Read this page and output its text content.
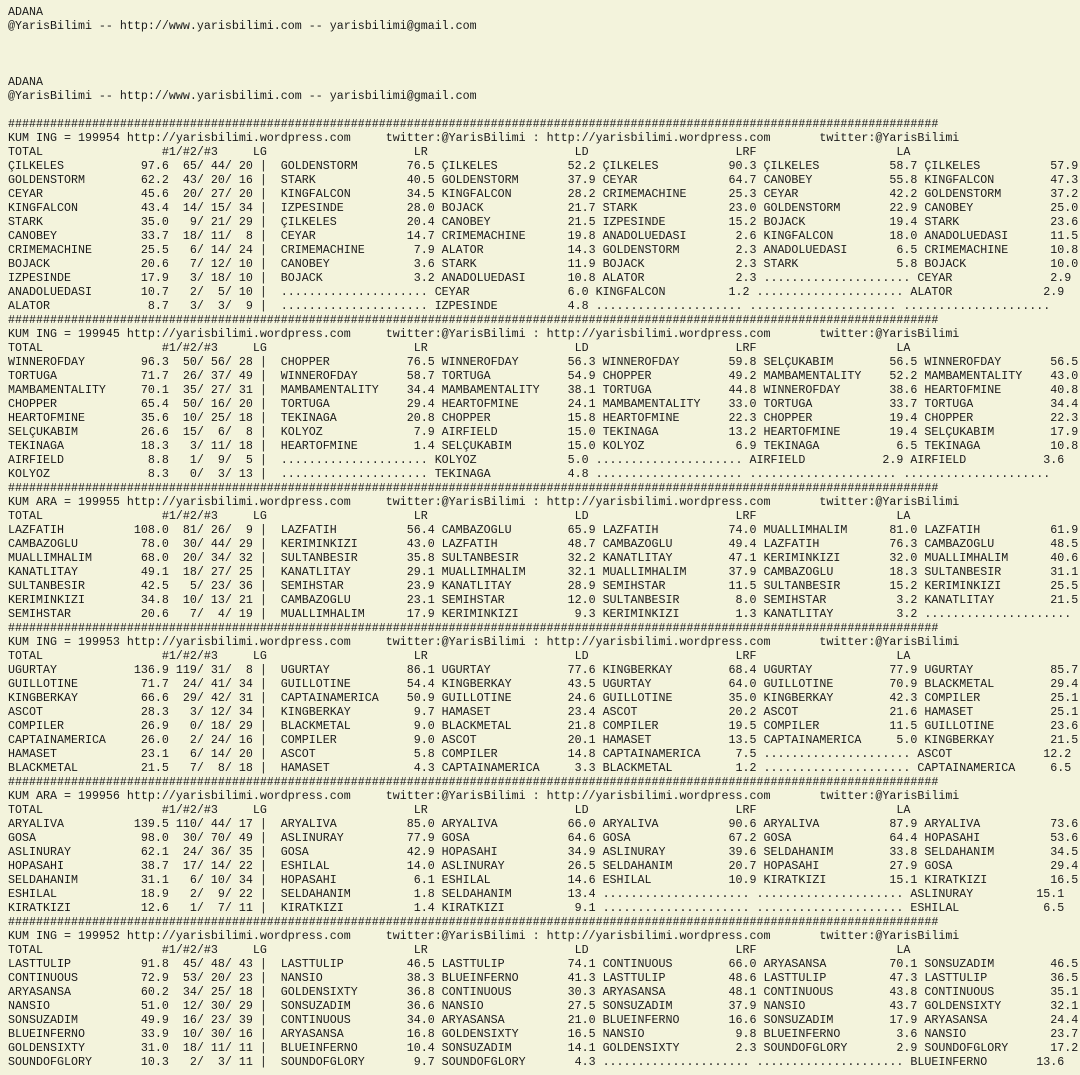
ADANA
@YarisBilimi -- http://www.yarisbilimi.com -- yarisbilimi@gmail.com
ADANA
@YarisBilimi -- http://www.yarisbilimi.com -- yarisbilimi@gmail.com
#####################################################################################################################################
KUM ING = 199954 http://yarisbilimi.wordpress.com     twitter:@YarisBilimi : http://yarisbilimi.wordpress.com       twitter:@YarisBilimi
TOTAL                 #1/#2/#3     LG                     LR                     LD                     LRF                    LA
ÇILKELES           97.6  65/ 44/ 20 |  GOLDENSTORM       76.5 ÇILKELES          52.2 ÇILKELES          90.3 ÇILKELES          58.7 ÇILKELES          57.9
GOLDENSTORM        62.2  43/ 20/ 16 |  STARK             40.5 GOLDENSTORM       37.9 CEYAR             64.7 CANOBEY           55.8 KINGFALCON        47.3
CEYAR              45.6  20/ 27/ 20 |  KINGFALCON        34.5 KINGFALCON        28.2 CRIMEMACHINE      25.3 CEYAR             42.2 GOLDENSTORM       37.2
KINGFALCON         43.4  14/ 15/ 34 |  IZPESINDE         28.0 BOJACK            21.7 STARK             23.0 GOLDENSTORM       22.9 CANOBEY           25.0
STARK              35.0   9/ 21/ 29 |  ÇILKELES          20.4 CANOBEY           21.5 IZPESINDE         15.2 BOJACK            19.4 STARK             23.6
CANOBEY            33.7  18/ 11/  8 |  CEYAR             14.7 CRIMEMACHINE      19.8 ANADOLUEDASI       2.6 KINGFALCON        18.0 ANADOLUEDASI      11.5
CRIMEMACHINE       25.5   6/ 14/ 24 |  CRIMEMACHINE       7.9 ALATOR            14.3 GOLDENSTORM        2.3 ANADOLUEDASI       6.5 CRIMEMACHINE      10.8
BOJACK             20.6   7/ 12/ 10 |  CANOBEY            3.6 STARK             11.9 BOJACK             2.3 STARK              5.8 BOJACK            10.0
IZPESINDE          17.9   3/ 18/ 10 |  BOJACK             3.2 ANADOLUEDASI      10.8 ALATOR             2.3 ..................... CEYAR              2.9
ANADOLUEDASI       10.7   2/  5/ 10 |  ..................... CEYAR              6.0 KINGFALCON         1.2 ..................... ALATOR             2.9
ALATOR              8.7   3/  3/  9 |  ..................... IZPESINDE          4.8 ..................... ..................... .....................
#####################################################################################################################################
KUM ING = 199945 http://yarisbilimi.wordpress.com     twitter:@YarisBilimi : http://yarisbilimi.wordpress.com       twitter:@YarisBilimi
TOTAL                 #1/#2/#3     LG                     LR                     LD                     LRF                    LA
WINNEROFDAY        96.3  50/ 56/ 28 |  CHOPPER           76.5 WINNEROFDAY       56.3 WINNEROFDAY       59.8 SELÇUKABIM        56.5 WINNEROFDAY       56.5
TORTUGA            71.7  26/ 37/ 49 |  WINNEROFDAY       58.7 TORTUGA           54.9 CHOPPER           49.2 MAMBAMENTALITY    52.2 MAMBAMENTALITY    43.0
MAMBAMENTALITY     70.1  35/ 27/ 31 |  MAMBAMENTALITY    34.4 MAMBAMENTALITY    38.1 TORTUGA           44.8 WINNEROFDAY       38.6 HEARTOFMINE       40.8
CHOPPER            65.4  50/ 16/ 20 |  TORTUGA           29.4 HEARTOFMINE       24.1 MAMBAMENTALITY    33.0 TORTUGA           33.7 TORTUGA           34.4
HEARTOFMINE        35.6  10/ 25/ 18 |  TEKINAGA          20.8 CHOPPER           15.8 HEARTOFMINE       22.3 CHOPPER           19.4 CHOPPER           22.3
SELÇUKABIM         26.6  15/  6/  8 |  KOLYOZ             7.9 AIRFIELD          15.0 TEKINAGA          13.2 HEARTOFMINE       19.4 SELÇUKABIM        17.9
TEKINAGA           18.3   3/ 11/ 18 |  HEARTOFMINE        1.4 SELÇUKABIM        15.0 KOLYOZ             6.9 TEKINAGA           6.5 TEKINAGA          10.8
AIRFIELD            8.8   1/  9/  5 |  ..................... KOLYOZ             5.0 ..................... AIRFIELD           2.9 AIRFIELD           3.6
KOLYOZ              8.3   0/  3/ 13 |  ..................... TEKINAGA           4.8 ..................... ..................... .....................
#####################################################################################################################################
KUM ARA = 199955 http://yarisbilimi.wordpress.com     twitter:@YarisBilimi : http://yarisbilimi.wordpress.com       twitter:@YarisBilimi
TOTAL                 #1/#2/#3     LG                     LR                     LD                     LRF                    LA
LAZFATIH          108.0  81/ 26/  9 |  LAZFATIH          56.4 CAMBAZOGLU        65.9 LAZFATIH          74.0 MUALLIMHALIM      81.0 LAZFATIH          61.9
CAMBAZOGLU         78.0  30/ 44/ 29 |  KERIMINKIZI       43.0 LAZFATIH          48.7 CAMBAZOGLU        49.4 LAZFATIH          76.3 CAMBAZOGLU        48.5
MUALLIMHALIM       68.0  20/ 34/ 32 |  SULTANBESIR       35.8 SULTANBESIR       32.2 KANATLITAY        47.1 KERIMINKIZI       32.0 MUALLIMHALIM      40.6
KANATLITAY         49.1  18/ 27/ 25 |  KANATLITAY        29.1 MUALLIMHALIM      32.1 MUALLIMHALIM      37.9 CAMBAZOGLU        18.3 SULTANBESIR       31.1
SULTANBESIR        42.5   5/ 23/ 36 |  SEMIHSTAR         23.9 KANATLITAY        28.9 SEMIHSTAR         11.5 SULTANBESIR       15.2 KERIMINKIZI       25.5
KERIMINKIZI        34.8  10/ 13/ 21 |  CAMBAZOGLU        23.1 SEMIHSTAR         12.0 SULTANBESIR        8.0 SEMIHSTAR          3.2 KANATLITAY        21.5
SEMIHSTAR          20.6   7/  4/ 19 |  MUALLIMHALIM      17.9 KERIMINKIZI        9.3 KERIMINKIZI        1.3 KANATLITAY         3.2 .....................
#####################################################################################################################################
KUM ING = 199953 http://yarisbilimi.wordpress.com     twitter:@YarisBilimi : http://yarisbilimi.wordpress.com       twitter:@YarisBilimi
TOTAL                 #1/#2/#3     LG                     LR                     LD                     LRF                    LA
UGURTAY           136.9 119/ 31/  8 |  UGURTAY           86.1 UGURTAY           77.6 KINGBERKAY        68.4 UGURTAY           77.9 UGURTAY           85.7
GUILLOTINE         71.7  24/ 41/ 34 |  GUILLOTINE        54.4 KINGBERKAY        43.5 UGURTAY           64.0 GUILLOTINE        70.9 BLACKMETAL        29.4
KINGBERKAY         66.6  29/ 42/ 31 |  CAPTAINAMERICA    50.9 GUILLOTINE        24.6 GUILLOTINE        35.0 KINGBERKAY        42.3 COMPILER          25.1
ASCOT              28.3   3/ 12/ 34 |  KINGBERKAY         9.7 HAMASET           23.4 ASCOT             20.2 ASCOT             21.6 HAMASET           25.1
COMPILER           26.9   0/ 18/ 29 |  BLACKMETAL         9.0 BLACKMETAL        21.8 COMPILER          19.5 COMPILER          11.5 GUILLOTINE        23.6
CAPTAINAMERICA     26.0   2/ 24/ 16 |  COMPILER           9.0 ASCOT             20.1 HAMASET           13.5 CAPTAINAMERICA     5.0 KINGBERKAY        21.5
HAMASET            23.1   6/ 14/ 20 |  ASCOT              5.8 COMPILER          14.8 CAPTAINAMERICA     7.5 ..................... ASCOT             12.2
BLACKMETAL         21.5   7/  8/ 18 |  HAMASET            4.3 CAPTAINAMERICA     3.3 BLACKMETAL         1.2 ..................... CAPTAINAMERICA     6.5
#####################################################################################################################################
KUM ARA = 199956 http://yarisbilimi.wordpress.com     twitter:@YarisBilimi : http://yarisbilimi.wordpress.com       twitter:@YarisBilimi
TOTAL                 #1/#2/#3     LG                     LR                     LD                     LRF                    LA
ARYALIVA          139.5 110/ 44/ 17 |  ARYALIVA          85.0 ARYALIVA          66.0 ARYALIVA          90.6 ARYALIVA          87.9 ARYALIVA          73.6
GOSA               98.0  30/ 70/ 49 |  ASLINURAY         77.9 GOSA              64.6 GOSA              67.2 GOSA              64.4 HOPASAHI          53.6
ASLINURAY          62.1  24/ 36/ 35 |  GOSA              42.9 HOPASAHI          34.9 ASLINURAY         39.6 SELDAHANIM        33.8 SELDAHANIM        34.5
HOPASAHI           38.7  17/ 14/ 22 |  ESHILAL           14.0 ASLINURAY         26.5 SELDAHANIM        20.7 HOPASAHI          27.9 GOSA              29.4
SELDAHANIM         31.1   6/ 10/ 34 |  HOPASAHI           6.1 ESHILAL           14.6 ESHILAL           10.9 KIRATKIZI         15.1 KIRATKIZI         16.5
ESHILAL            18.9   2/  9/ 22 |  SELDAHANIM         1.8 SELDAHANIM        13.4 ..................... ..................... ASLINURAY         15.1
KIRATKIZI          12.6   1/  7/ 11 |  KIRATKIZI          1.4 KIRATKIZI          9.1 ..................... ..................... ESHILAL            6.5
#####################################################################################################################################
KUM ING = 199952 http://yarisbilimi.wordpress.com     twitter:@YarisBilimi : http://yarisbilimi.wordpress.com       twitter:@YarisBilimi
TOTAL                 #1/#2/#3     LG                     LR                     LD                     LRF                    LA
LASTTULIP          91.8  45/ 48/ 43 |  LASTTULIP         46.5 LASTTULIP         74.1 CONTINUOUS        66.0 ARYASANSA         70.1 SONSUZADIM        46.5
CONTINUOUS         72.9  53/ 20/ 23 |  NANSIO            38.3 BLUEINFERNO       41.3 LASTTULIP         48.6 LASTTULIP         47.3 LASTTULIP         36.5
ARYASANSA          60.2  34/ 25/ 18 |  GOLDENSIXTY       36.8 CONTINUOUS        30.3 ARYASANSA         48.1 CONTINUOUS        43.8 CONTINUOUS        35.1
NANSIO             51.0  12/ 30/ 29 |  SONSUZADIM        36.6 NANSIO            27.5 SONSUZADIM        37.9 NANSIO            43.7 GOLDENSIXTY       32.1
SONSUZADIM         49.9  16/ 23/ 39 |  CONTINUOUS        34.0 ARYASANSA         21.0 BLUEINFERNO       16.6 SONSUZADIM        17.9 ARYASANSA         24.4
BLUEINFERNO        33.9  10/ 30/ 16 |  ARYASANSA         16.8 GOLDENSIXTY       16.5 NANSIO             9.8 BLUEINFERNO        3.6 NANSIO            23.7
GOLDENSIXTY        31.0  18/ 11/ 11 |  BLUEINFERNO       10.4 SONSUZADIM        14.1 GOLDENSIXTY        2.3 SOUNDOFGLORY       2.9 SOUNDOFGLORY      17.2
SOUNDOFGLORY       10.3   2/  3/ 11 |  SOUNDOFGLORY       9.7 SOUNDOFGLORY       4.3 ..................... ..................... BLUEINFERNO       13.6
